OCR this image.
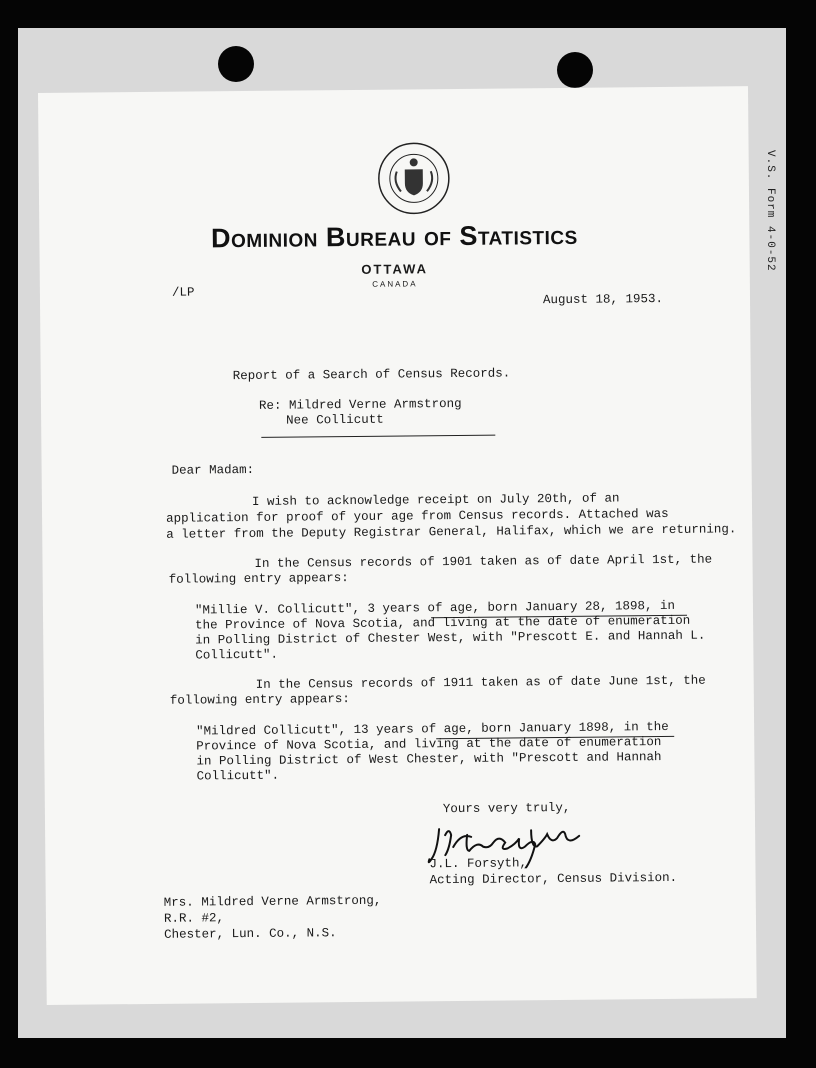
V.S. Form 4-0-52
Dominion Bureau of Statistics
OTTAWA
CANADA
/LP	August 18, 1953.
Report of a Search of Census Records.
Re: Mildred Verne Armstrong
Nee Collicutt
Dear Madam:
I wish to acknowledge receipt on July 20th, of an
application for proof of your age from Census records. Attached was
a letter from the Deputy Registrar General, Halifax, which we are returning.
In the Census records of 1901 taken as of date April 1st, the
following entry appears:
"Millie V. Collicutt", 3 years of age, born January 28, 1898, in
the Province of Nova Scotia, and living at the date of enumeration
in Polling District of Chester West, with "Prescott E. and Hannah L.
Collicutt".
In the Census records of 1911 taken as of date June 1st, the
following entry appears:
"Mildred Collicutt", 13 years of age, born January 1898, in the
Province of Nova Scotia, and living at the date of enumeration
in Polling District of West Chester, with "Prescott and Hannah
Collicutt".
Yours very truly,
J.L. Forsyth,
Acting Director, Census Division.
Mrs. Mildred Verne Armstrong,
R.R. #2,
Chester, Lun. Co., N.S.
